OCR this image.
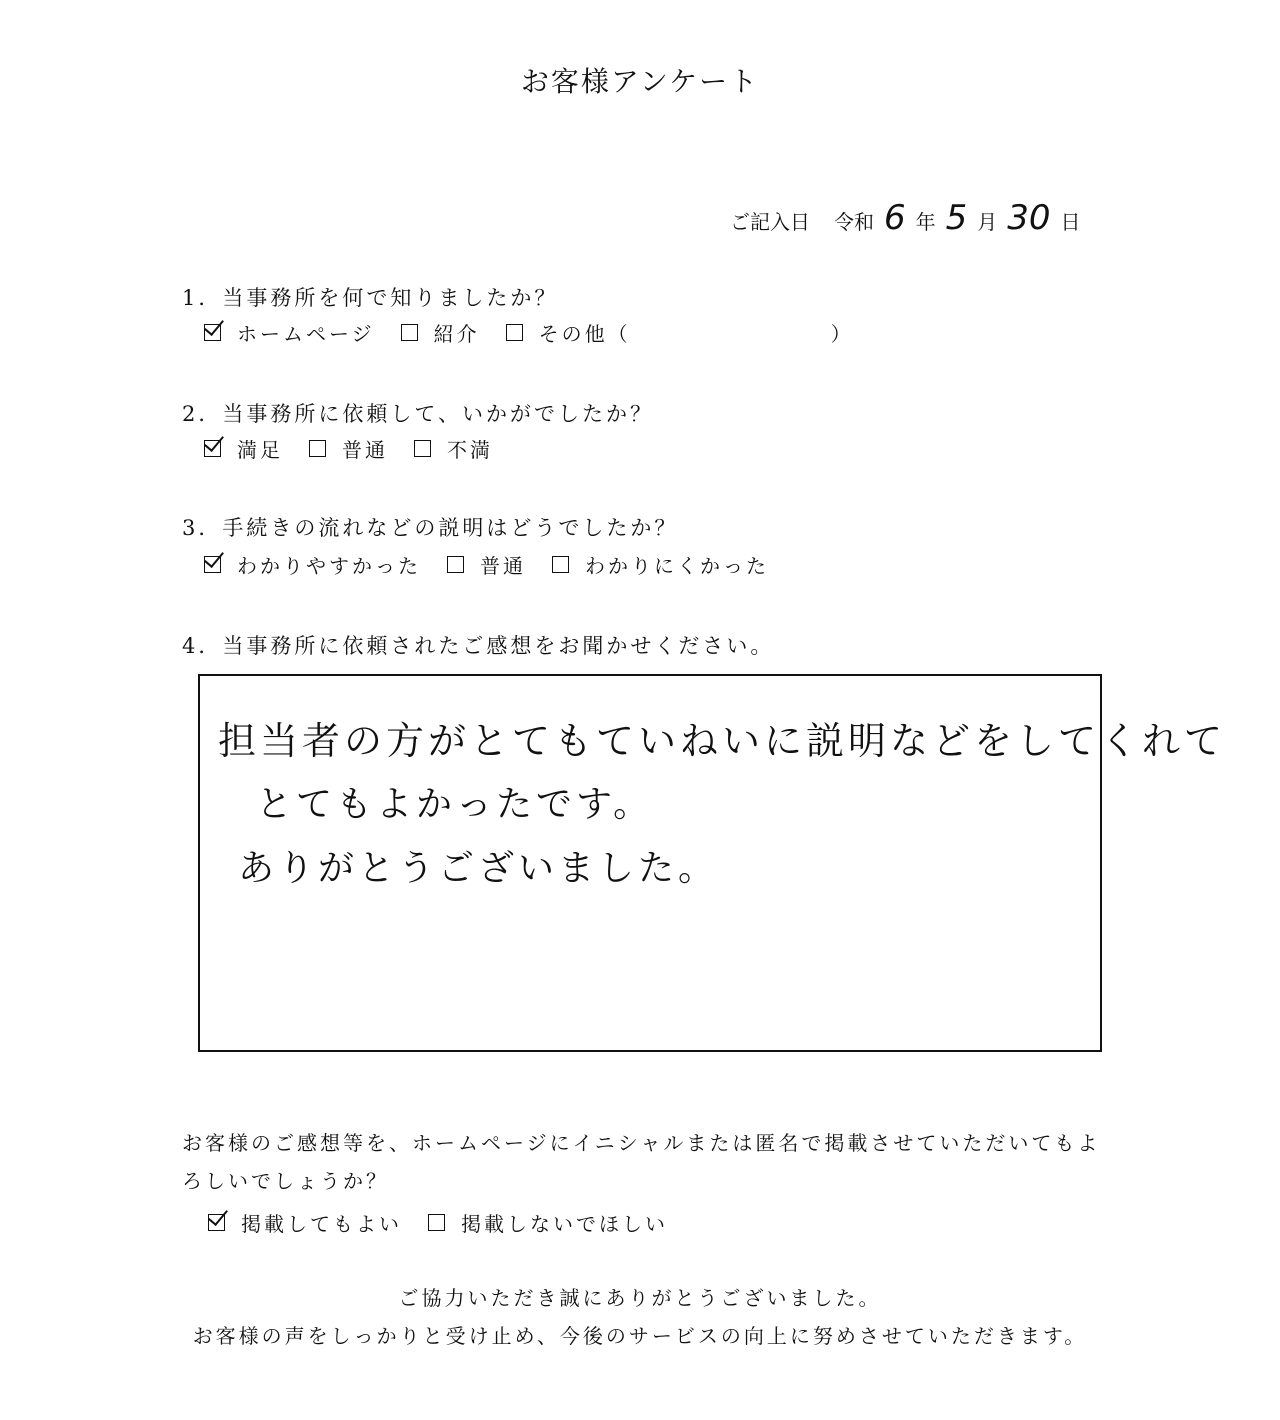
お客様アンケート
ご記入日 令和 6 年 5 月 30 日
1．当事務所を何で知りましたか？
ホームページ	紹介	その他（	）
2．当事務所に依頼して、いかがでしたか？
満足	普通	不満
3．手続きの流れなどの説明はどうでしたか？
わかりやすかった	普通	わかりにくかった
4．当事務所に依頼されたご感想をお聞かせください。
担当者の方がとてもていねいに説明などをしてくれて
とてもよかったです。
ありがとうございました。
お客様のご感想等を、ホームページにイニシャルまたは匿名で掲載させていただいてもよ
ろしいでしょうか？
掲載してもよい	掲載しないでほしい
ご協力いただき誠にありがとうございました。
お客様の声をしっかりと受け止め、今後のサービスの向上に努めさせていただきます。
